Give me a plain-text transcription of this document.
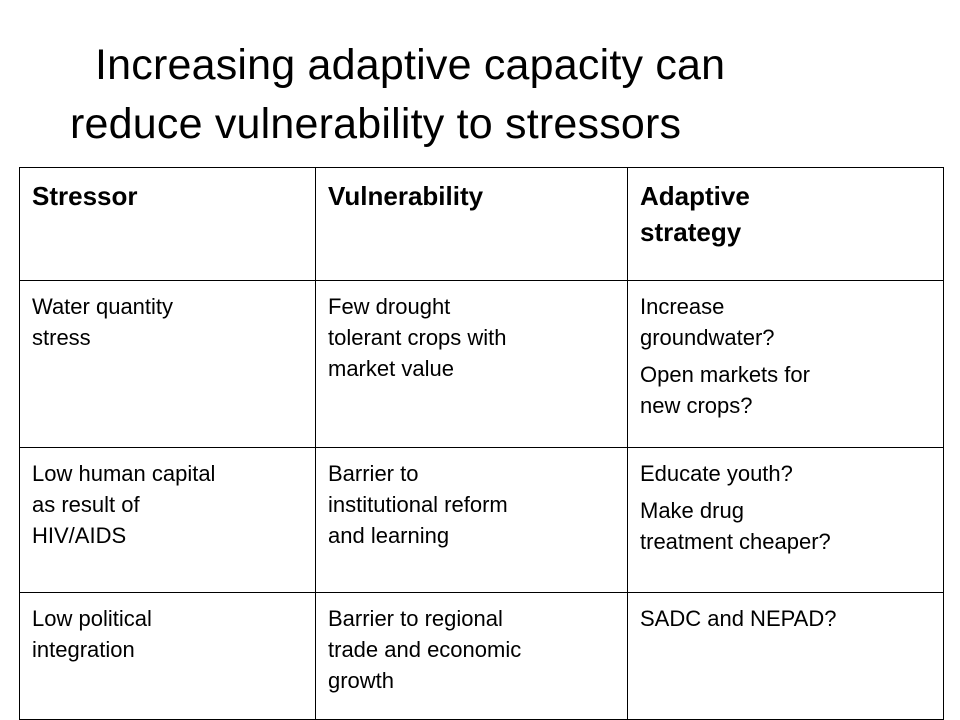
Increasing adaptive capacity can
reduce vulnerability to stressors
Stressor	Vulnerability	Adaptive
strategy

Water quantity
stress	Few drought
tolerant crops with
market value	Increase
groundwater?
Open markets for
new crops?

Low human capital
as result of
HIV/AIDS	Barrier to
institutional reform
and learning	Educate youth?
Make drug
treatment cheaper?

Low political
integration	Barrier to regional
trade and economic
growth	SADC and NEPAD?
